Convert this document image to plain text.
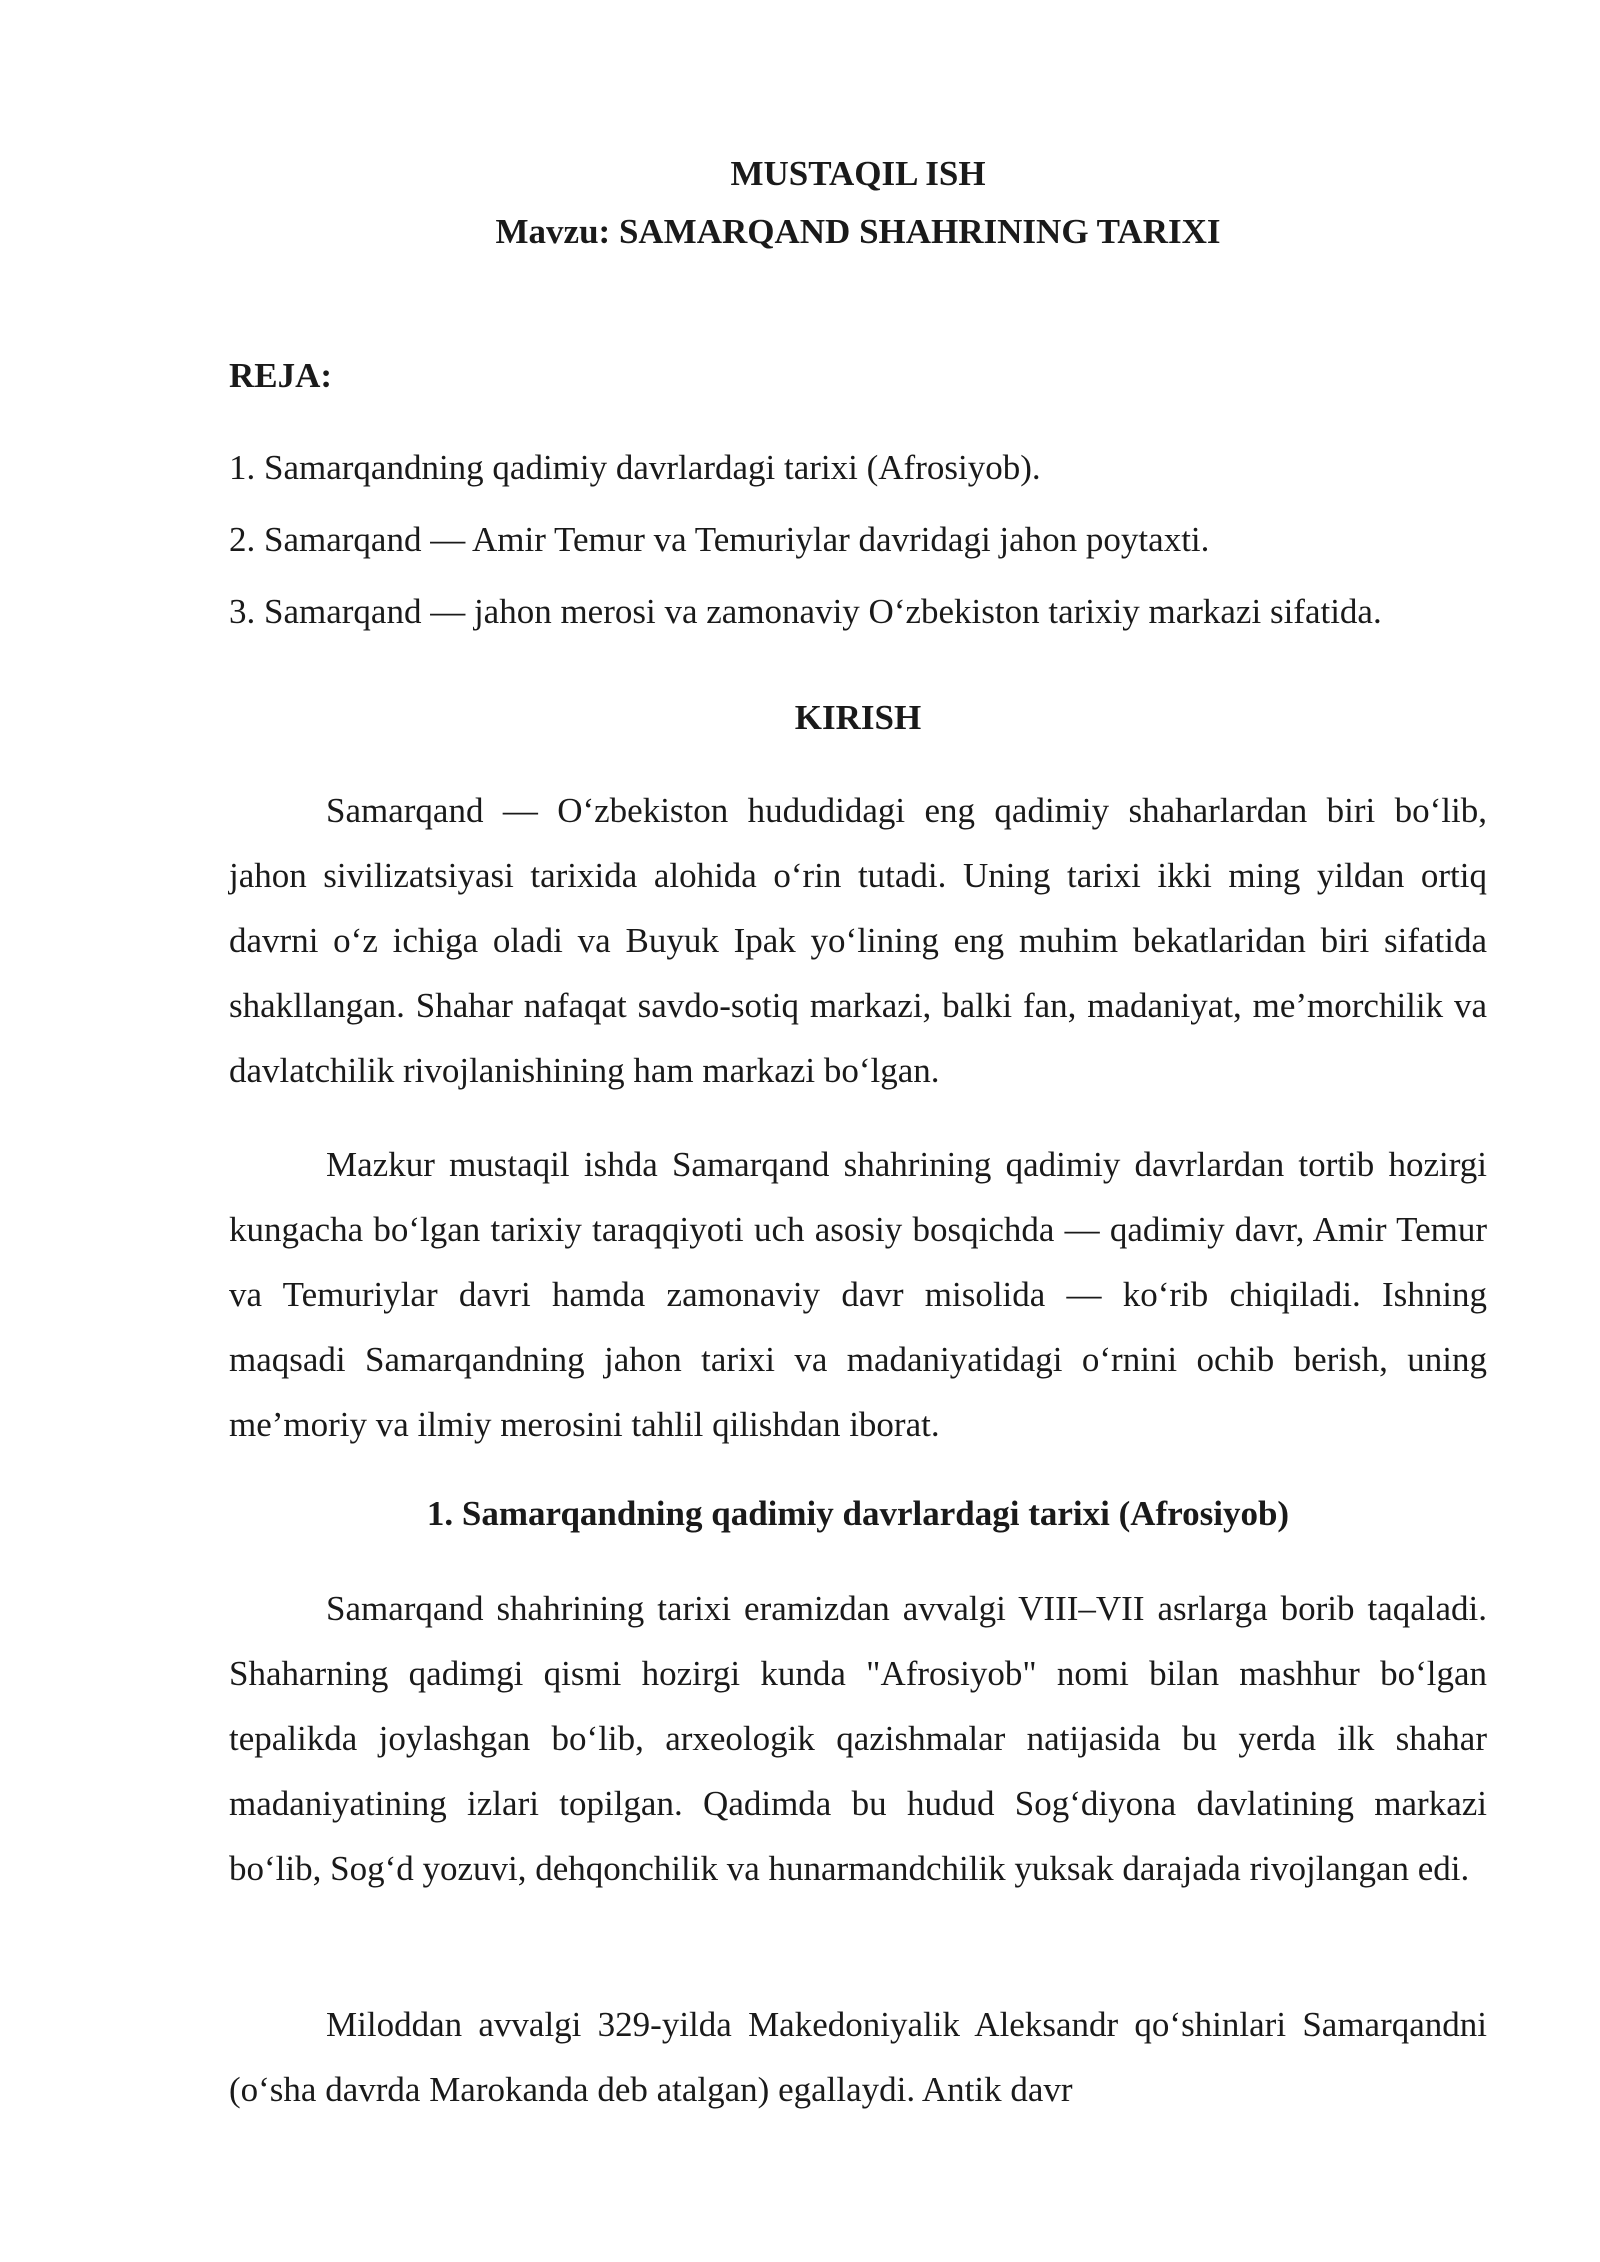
MUSTAQIL ISH
Mavzu: SAMARQAND SHAHRINING TARIXI
REJA:
1. Samarqandning qadimiy davrlardagi tarixi (Afrosiyob).
2. Samarqand — Amir Temur va Temuriylar davridagi jahon poytaxti.
3. Samarqand — jahon merosi va zamonaviy O‘zbekiston tarixiy markazi sifatida.
KIRISH

Samarqand — O‘zbekiston hududidagi eng qadimiy shaharlardan biri bo‘lib, jahon sivilizatsiyasi tarixida alohida o‘rin tutadi. Uning tarixi ikki ming yildan ortiq davrni o‘z ichiga oladi va Buyuk Ipak yo‘lining eng muhim bekatlaridan biri sifatida shakllangan. Shahar nafaqat savdo-sotiq markazi, balki fan, madaniyat, me’morchilik va davlatchilik rivojlanishining ham markazi bo‘lgan.

Mazkur mustaqil ishda Samarqand shahrining qadimiy davrlardan tortib hozirgi kungacha bo‘lgan tarixiy taraqqiyoti uch asosiy bosqichda — qadimiy davr, Amir Temur va Temuriylar davri hamda zamonaviy davr misolida — ko‘rib chiqiladi. Ishning maqsadi Samarqandning jahon tarixi va madaniyatidagi o‘rnini ochib berish, uning me’moriy va ilmiy merosini tahlil qilishdan iborat.

1. Samarqandning qadimiy davrlardagi tarixi (Afrosiyob)

Samarqand shahrining tarixi eramizdan avvalgi VIII–VII asrlarga borib taqaladi. Shaharning qadimgi qismi hozirgi kunda "Afrosiyob" nomi bilan mashhur bo‘lgan tepalikda joylashgan bo‘lib, arxeologik qazishmalar natijasida bu yerda ilk shahar madaniyatining izlari topilgan. Qadimda bu hudud Sog‘diyona davlatining markazi bo‘lib, Sog‘d yozuvi, dehqonchilik va hunarmandchilik yuksak darajada rivojlangan edi.

Miloddan avvalgi 329-yilda Makedoniyalik Aleksandr qo‘shinlari Samarqandni (o‘sha davrda Marokanda deb atalgan) egallaydi. Antik davr
